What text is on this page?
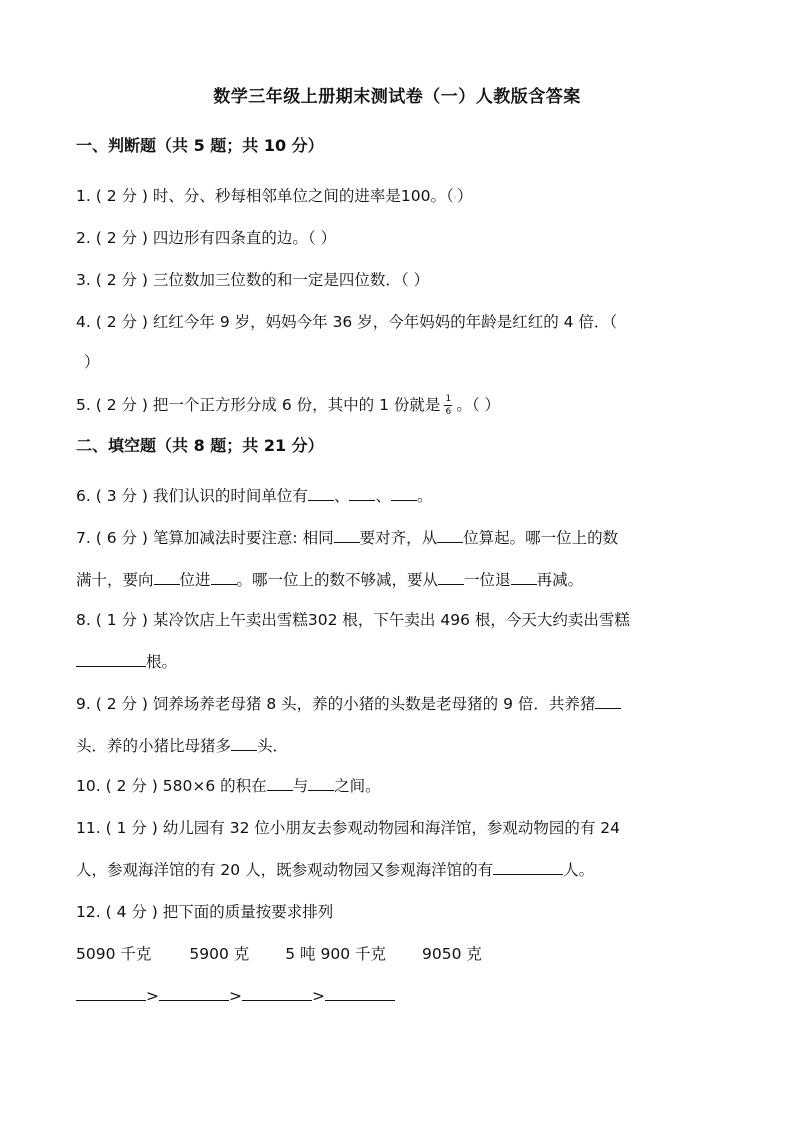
数学三年级上册期末测试卷（一）人教版含答案
一、判断题（共 5 题；共 10 分）
1. ( 2 分 ) 时、分、秒每相邻单位之间的进率是100。（·）
2. ( 2 分 ) 四边形有四条直的边。（ ）
3. ( 2 分 ) 三位数加三位数的和一定是四位数．（ ）
4. ( 2 分 ) 红红今年 9 岁，妈妈今年 36 岁，今年妈妈的年龄是红红的 4 倍．（
）
5. ( 2 分 ) 把一个正方形分成 6 份，其中的 1 份就是 $\frac{1}{6}$ 。（ ）
二、填空题（共 8 题；共 21 分）
6. ( 3 分 ) 我们认识的时间单位有 、 、 。
7. ( 6 分 ) 笔算加减法时要注意: 相同 要对齐，从 位算起。哪一位上的数
满十，要向 位进 。哪一位上的数不够减，要从 一位退 再减。
8. ( 1 分 ) 某冷饮店上午卖出雪糕302 根，下午卖出 496 根，今天大约卖出雪糕
根。
9. ( 2 分 ) 饲养场养老母猪 8 头，养的小猪的头数是老母猪的 9 倍．共养猪
头．养的小猪比母猪多 头．
10. ( 2 分 ) 580×6 的积在 与 之间。
11. ( 1 分 ) 幼儿园有 32 位小朋友去参观动物园和海洋馆，参观动物园的有 24
人，参观海洋馆的有 20 人，既参观动物园又参观海洋馆的有	人。
12. ( 4 分 ) 把下面的质量按要求排列
5090 千克 5900 克 5 吨 900 千克 9050 克
>	>	>
